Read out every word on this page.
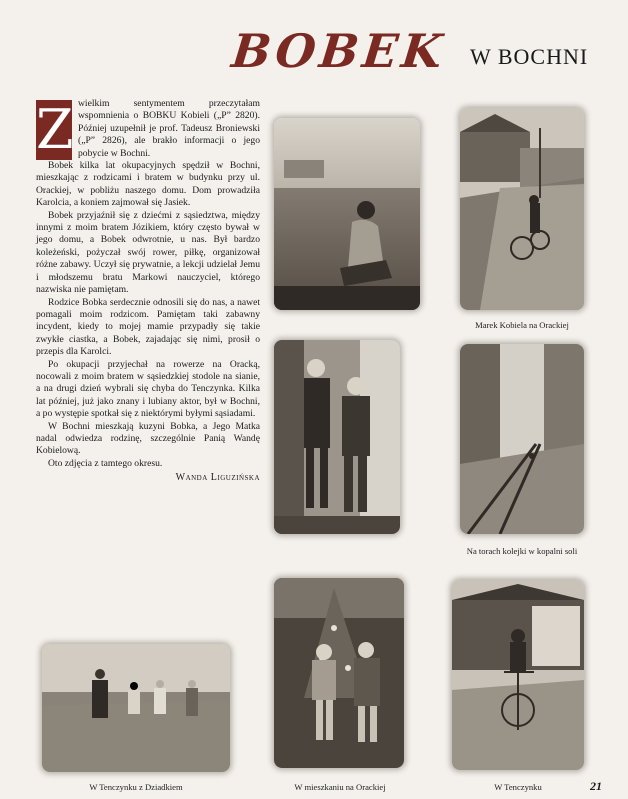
BOBEK W BOCHNI
Z wielkim sentymentem przeczytałam wspomnienia o BOBKU Kobieli („P” 2820). Później uzupełnił je prof. Tadeusz Broniewski („P” 2826), ale brakło informacji o jego pobycie w Bochni.

Bobek kilka lat okupacyjnych spędził w Bochni, mieszkając z rodzicami i bratem w budynku przy ul. Orackiej, w pobliżu naszego domu. Dom prowadziła Karolcia, a koniem zajmował się Jasiek.

Bobek przyjaźnił się z dziećmi z sąsiedztwa, między innymi z moim bratem Józikiem, który często bywał w jego domu, a Bobek odwrotnie, u nas. Był bardzo koleżeński, pożyczał swój rower, piłkę, organizował różne zabawy. Uczył się prywatnie, a lekcji udzielał Jemu i młodszemu bratu Markowi nauczyciel, którego nazwiska nie pamiętam.

Rodzice Bobka serdecznie odnosili się do nas, a nawet pomagali moim rodzicom. Pamiętam taki zabawny incydent, kiedy to mojej mamie przypadły się takie zwykłe ciastka, a Bobek, zajadając się nimi, prosił o przepis dla Karolci.

Po okupacji przyjechał na rowerze na Oracką, nocowali z moim bratem w sąsiedzkiej stodole na sianie, a na drugi dzień wybrali się chyba do Tenczynka. Kilka lat później, już jako znany i lubiany aktor, był w Bochni, a po występie spotkał się z niektórymi byłymi sąsiadami.

W Bochni mieszkają kuzyni Bobka, a Jego Matka nadal odwiedza rodzinę, szczególnie Panią Wandę Kobielową.

Oto zdjęcia z tamtego okresu.

Wanda Liguzińska
Marek Kobiela na Orackiej
Na torach kolejki w kopalni soli
W Tenczynku z Dziadkiem	W mieszkaniu na Orackiej	W Tenczynku	21
